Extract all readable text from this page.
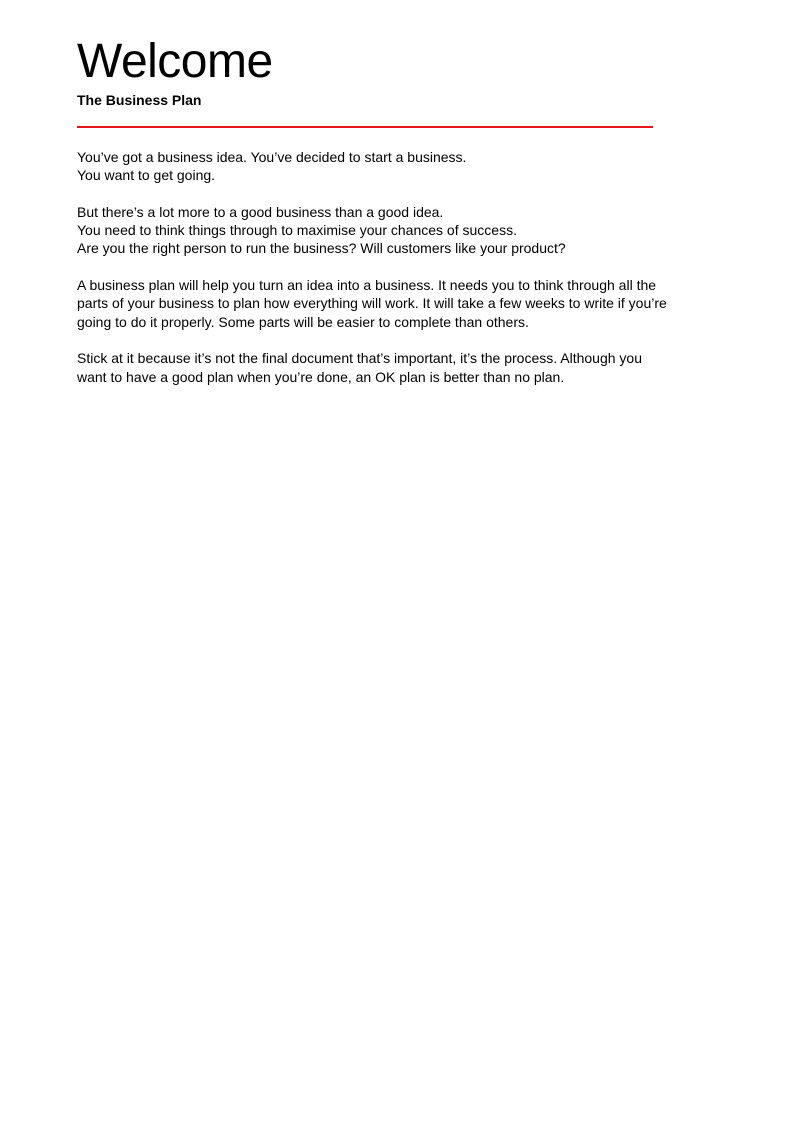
Welcome
The Business Plan

You’ve got a business idea. You’ve decided to start a business.
You want to get going.

But there’s a lot more to a good business than a good idea.
You need to think things through to maximise your chances of success.
Are you the right person to run the business? Will customers like your product?

A business plan will help you turn an idea into a business. It needs you to think through all the
parts of your business to plan how everything will work. It will take a few weeks to write if you’re
going to do it properly. Some parts will be easier to complete than others.

Stick at it because it’s not the final document that’s important, it’s the process. Although you
want to have a good plan when you’re done, an OK plan is better than no plan.
